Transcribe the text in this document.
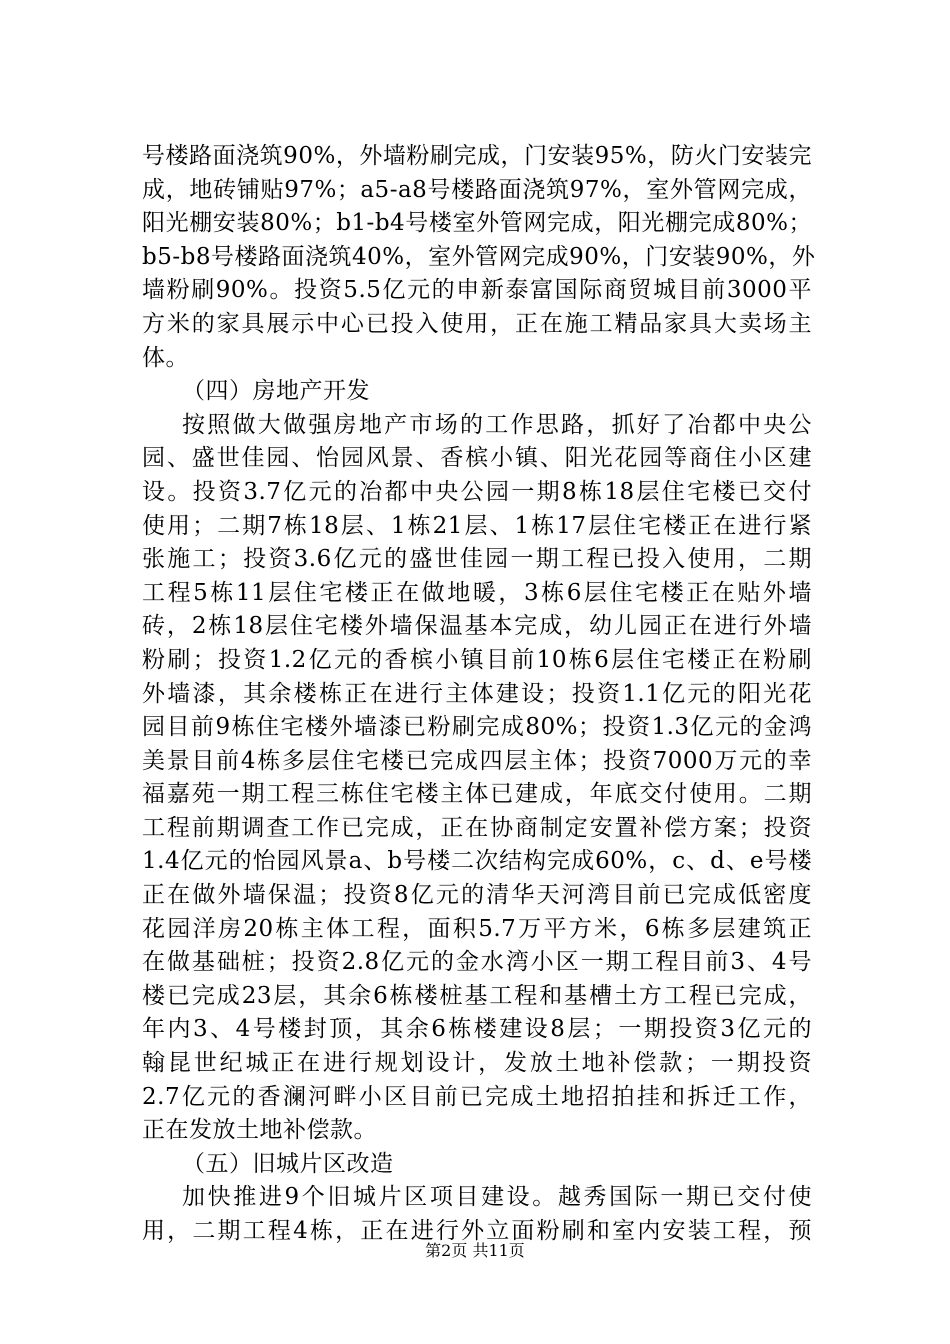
号楼路面浇筑90%，外墙粉刷完成，门安装95%，防火门安装完
成，地砖铺贴97%；a5-a8号楼路面浇筑97%，室外管网完成，
阳光棚安装80%；b1-b4号楼室外管网完成，阳光棚完成80%；
b5-b8号楼路面浇筑40%，室外管网完成90%，门安装90%，外
墙粉刷90%。投资5.5亿元的申新泰富国际商贸城目前3000平
方米的家具展示中心已投入使用，正在施工精品家具大卖场主
体。
（四）房地产开发
按照做大做强房地产市场的工作思路，抓好了冶都中央公
园、盛世佳园、怡园风景、香槟小镇、阳光花园等商住小区建
设。投资3.7亿元的冶都中央公园一期8栋18层住宅楼已交付
使用；二期7栋18层、1栋21层、1栋17层住宅楼正在进行紧
张施工；投资3.6亿元的盛世佳园一期工程已投入使用，二期
工程5栋11层住宅楼正在做地暖，3栋6层住宅楼正在贴外墙
砖，2栋18层住宅楼外墙保温基本完成，幼儿园正在进行外墙
粉刷；投资1.2亿元的香槟小镇目前10栋6层住宅楼正在粉刷
外墙漆，其余楼栋正在进行主体建设；投资1.1亿元的阳光花
园目前9栋住宅楼外墙漆已粉刷完成80%；投资1.3亿元的金鸿
美景目前4栋多层住宅楼已完成四层主体；投资7000万元的幸
福嘉苑一期工程三栋住宅楼主体已建成，年底交付使用。二期
工程前期调查工作已完成，正在协商制定安置补偿方案；投资
1.4亿元的怡园风景a、b号楼二次结构完成60%，c、d、e号楼
正在做外墙保温；投资8亿元的清华天河湾目前已完成低密度
花园洋房20栋主体工程，面积5.7万平方米，6栋多层建筑正
在做基础桩；投资2.8亿元的金水湾小区一期工程目前3、4号
楼已完成23层，其余6栋楼桩基工程和基槽土方工程已完成，
年内3、4号楼封顶，其余6栋楼建设8层；一期投资3亿元的
翰昆世纪城正在进行规划设计，发放土地补偿款；一期投资
2.7亿元的香澜河畔小区目前已完成土地招拍挂和拆迁工作，
正在发放土地补偿款。
（五）旧城片区改造
加快推进9个旧城片区项目建设。越秀国际一期已交付使
用，二期工程4栋，正在进行外立面粉刷和室内安装工程，预
第2页 共11页
